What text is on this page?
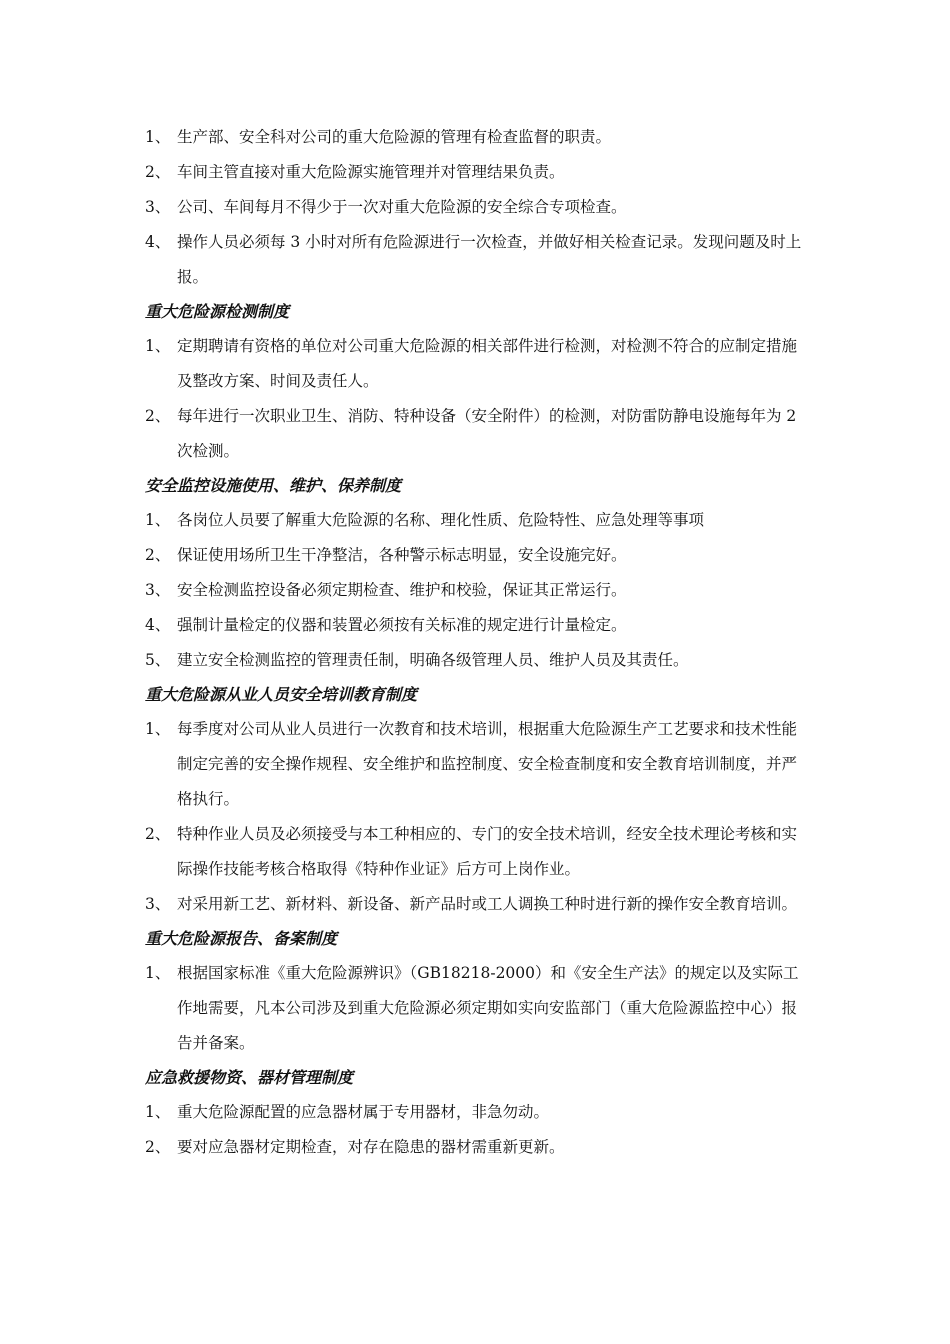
1、 生产部、安全科对公司的重大危险源的管理有检查监督的职责。
2、 车间主管直接对重大危险源实施管理并对管理结果负责。
3、 公司、车间每月不得少于一次对重大危险源的安全综合专项检查。
4、 操作人员必须每 3 小时对所有危险源进行一次检查，并做好相关检查记录。发现问题及时上报。
重大危险源检测制度
1、 定期聘请有资格的单位对公司重大危险源的相关部件进行检测，对检测不符合的应制定措施及整改方案、时间及责任人。
2、 每年进行一次职业卫生、消防、特种设备（安全附件）的检测，对防雷防静电设施每年为 2 次检测。
安全监控设施使用、维护、保养制度
1、 各岗位人员要了解重大危险源的名称、理化性质、危险特性、应急处理等事项
2、 保证使用场所卫生干净整洁，各种警示标志明显，安全设施完好。
3、 安全检测监控设备必须定期检查、维护和校验，保证其正常运行。
4、 强制计量检定的仪器和装置必须按有关标准的规定进行计量检定。
5、 建立安全检测监控的管理责任制，明确各级管理人员、维护人员及其责任。
重大危险源从业人员安全培训教育制度
1、 每季度对公司从业人员进行一次教育和技术培训，根据重大危险源生产工艺要求和技术性能制定完善的安全操作规程、安全维护和监控制度、安全检查制度和安全教育培训制度，并严格执行。
2、 特种作业人员及必须接受与本工种相应的、专门的安全技术培训，经安全技术理论考核和实际操作技能考核合格取得《特种作业证》后方可上岗作业。
3、 对采用新工艺、新材料、新设备、新产品时或工人调换工种时进行新的操作安全教育培训。
重大危险源报告、备案制度
1、 根据国家标准《重大危险源辨识》（GB18218-2000）和《安全生产法》的规定以及实际工作地需要，凡本公司涉及到重大危险源必须定期如实向安监部门（重大危险源监控中心）报告并备案。
应急救援物资、器材管理制度
1、 重大危险源配置的应急器材属于专用器材，非急勿动。
2、 要对应急器材定期检查，对存在隐患的器材需重新更新。
